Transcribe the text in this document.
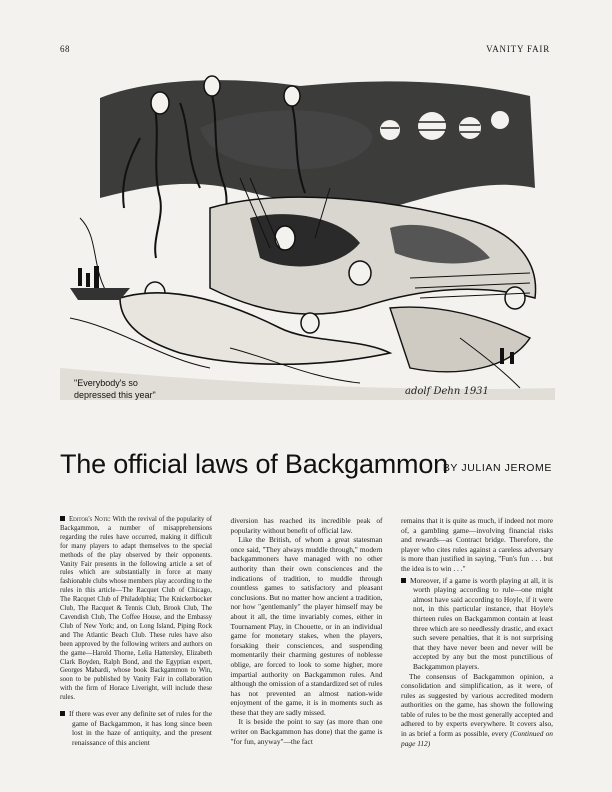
68	VANITY FAIR
"Everybody's so
depressed this year"	adolf Dehn 1931
The official laws of Backgammon
BY JULIAN JEROME

Editor's Note: With the revival of the popularity of Backgammon, a number of misapprehensions regarding the rules have occurred, making it difficult for many players to adapt themselves to the special methods of the play observed by their opponents. Vanity Fair presents in the following article a set of rules which are substantially in force at many fashionable clubs whose members play according to the rules in this article—The Racquet Club of Chicago, The Racquet Club of Philadelphia; The Knickerbocker Club, The Racquet & Tennis Club, Brook Club, The Cavendish Club, The Coffee House, and the Embassy Club of New York; and, on Long Island, Piping Rock and The Atlantic Beach Club. These rules have also been approved by the following writers and authors on the game—Harold Thorne, Lelia Hattersley, Elizabeth Clark Boyden, Ralph Bond, and the Egyptian expert, Georges Mabardi, whose book Backgammon to Win, soon to be published by Vanity Fair in collaboration with the firm of Horace Liveright, will include these rules.

If there was ever any definite set of rules for the game of Backgammon, it has long since been lost in the haze of antiquity, and the present renaissance of this ancient

diversion has reached its incredible peak of popularity without benefit of official law.

Like the British, of whom a great statesman once said, "They always muddle through," modern backgammoners have managed with no other authority than their own consciences and the indications of tradition, to muddle through countless games to satisfactory and pleasant conclusions. But no matter how ancient a tradition, nor how "gentlemanly" the player himself may be about it all, the time invariably comes, either in Tournament Play, in Chouette, or in an individual game for monetary stakes, when the players, forsaking their consciences, and suspending momentarily their charming gestures of noblesse oblige, are forced to look to some higher, more impartial authority on Backgammon rules. And although the omission of a standardized set of rules has not prevented an almost nation-wide enjoyment of the game, it is in moments such as these that they are sadly missed.

It is beside the point to say (as more than one writer on Backgammon has done) that the game is "for fun, anyway"—the fact

remains that it is quite as much, if indeed not more of, a gambling game—involving financial risks and rewards—as Contract bridge. Therefore, the player who cites rules against a careless adversary is more than justified in saying, "Fun's fun . . . but the idea is to win . . ."

Moreover, if a game is worth playing at all, it is worth playing according to rule—one might almost have said according to Hoyle, if it were not, in this particular instance, that Hoyle's thirteen rules on Backgammon contain at least three which are so needlessly drastic, and exact such severe penalties, that it is not surprising that they have never been and never will be accepted by any but the most punctilious of Backgammon players.

The consensus of Backgammon opinion, a consolidation and simplification, as it were, of rules as suggested by various accredited modern authorities on the game, has shown the following table of rules to be the most generally accepted and adhered to by experts everywhere. It covers also, in as brief a form as possible, every (Continued on page 112)
